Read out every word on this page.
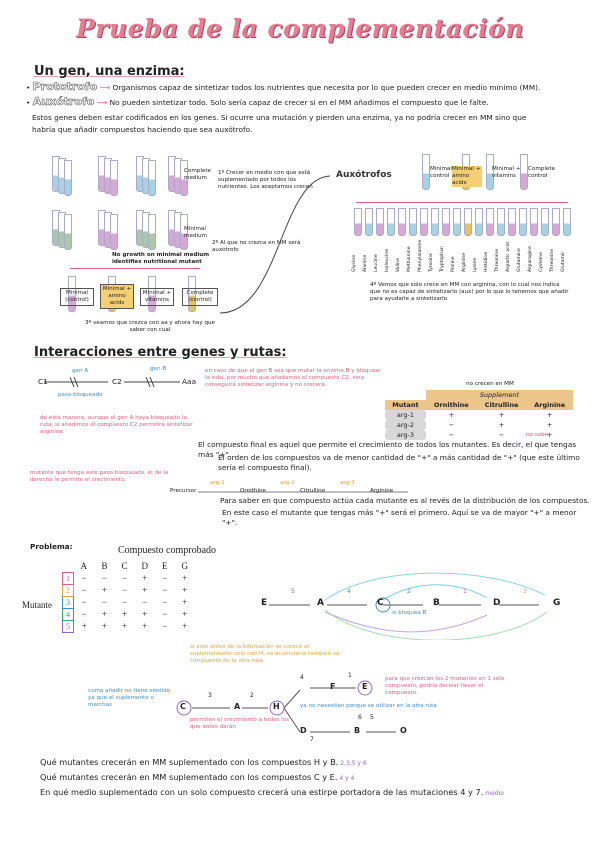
Prueba de la complementación
Un gen, una enzima:
• Prototrofo ⟶ Organismos capaz de sintetizar todos los nutrientes que necesita por lo que pueden crecer en medio mínimo (MM).
• Auxótrofo ⟶ No pueden sintetizar todo. Solo sería capaz de crecer si en el MM añadimos el compuesto que le falte.
Estos genes deben estar codificados en los genes. Si ocurre una mutación y pierden una enzima, ya no podría crecer en MM sino que
habría que añadir compuestos haciendo que sea auxótrofo.
Complete medium
Minimal medium
No growth on minimal medium identifies nutritional mutant
1º Crecer en medio con que está suplementado por todos los nutrientes. Los aceptamos crecen
2º Al que no crezca en MM será auxótrofo
Minimal (control)
Minimal + amino acids
Minimal + vitamins
Complete (control)
3º veamos que crezca con aa y ahora hay que saber con cual
Auxótrofos
Minimal control
Minimal + amino acids
Minimal + vitamins
Complete control
Glycine Alanine Leucine Isoleucine Valine Methionine Phenylalanine Tyrosine Tryptophan Proline Arginine Lysine Histidine Threonine Aspartic acid Glutamine Asparagine Cysteine Threonine Glutamic
4º Vemos que solo crece en MM con arginina, con lo cual nos indica que no es capaz de sintetizarlo (aux) por lo que lo tenemos que añadir para ayudarle a sintetizarlo
Interacciones entre genes y rutas:
C1	C2	Aaa
gen A
paso bloqueado
gen B	en caso de que el gen B sea que mutar la enzima B y bloquear la ruta, por mucho que añadamos el compuesto C2, sino conseguirá sintetizar arginina y no crecerá.
de esta manera, aunque el gen A haya bloqueado la ruta, si añadimos el compuesto C2 permitirá sintetizar arginina.
no crecen en MM
	Supplement		
Mutant	Ornithine	Citrulline	Arginine
arg-1	+	+	+
arg-2	−	+	+
arg-3	−	−	+
no sabe
El compuesto final es aquel que permite el crecimiento de todos los mutantes. Es decir, el que tengas más "+".
El orden de los compuestos va de menor cantidad de "+" a más cantidad de "+" (que este último sería el compuesto final).
mutante que tenga este paso bloqueado, el de la derecha le permite el crecimiento.
Precursor	Ornithine	Citrulline	Arginine
arg-1	arg-2	arg-3
Para saber en que compuesto actúa cada mutante es al revés de la distribución de los compuestos.
En este caso el mutante que tengas más "+" será el primero. Aquí se va de mayor "+" a menor "+".
Problema:	Compuesto comprobado
Mutante
	A	B	C	D	E	G
1	−	−	−	+	−	+
2	−	+	−	+	−	+
3	−	−	−	−	−	+
4	−	+	+	+	−	+
5	+	+	+	+	−	+
E	A	C	B	D	G
5	4	2	1	3
si bloquea B
si este antes de la bifurcación se carece el suplementador solo con H, se acumularía también su compuesto de la otra ruta.
como añadir no tiene sentido ya que el suplemento o marchas
permiten el crecimiento a todos los que antes darán
para que crezcan los 2 mutantes en 1 solo compuesto, podría derivar llevar el compuesto.
ya no necesitan porque se utilizar en la otra ruta
C	A	H
F	E
D	B	O
3	2
4	1
6
7
5
Qué mutantes crecerán en MM suplementado con los compuestos H y B. 2,3,5 y 6
Qué mutantes crecerán en MM suplementado con los compuestos C y E. 4 y 4
En qué medio suplementado con un solo compuesto crecerá una estirpe portadora de las mutaciones 4 y 7. medio
